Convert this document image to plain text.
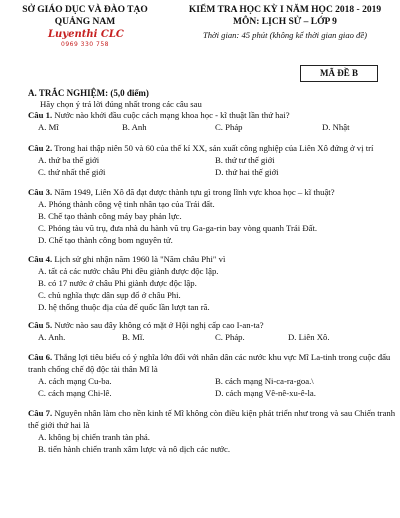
SỞ GIÁO DỤC VÀ ĐÀO TẠO
QUẢNG NAM
Luyenthi CLC
0969 330 758
KIỂM TRA HỌC KỲ I NĂM HỌC 2018 - 2019
MÔN: LỊCH SỬ – LỚP 9
Thời gian: 45 phút (không kể thời gian giao đề)
MÃ ĐỀ B
A. TRẮC NGHIỆM: (5,0 điểm)
Hãy chọn ý trả lời đúng nhất trong các câu sau
Câu 1. Nước nào khởi đầu cuộc cách mạng khoa học - kĩ thuật lần thứ hai?
A. Mĩ	B. Anh	C. Pháp	D. Nhật
Câu 2. Trong hai thập niên 50 và 60 của thế kỉ XX, sản xuất công nghiệp của Liên Xô đứng ở vị trí
A. thứ ba thế giới	B. thứ tư thế giới
C. thứ nhất thế giới	D. thứ hai thế giới
Câu 3. Năm 1949, Liên Xô đã đạt được thành tựu gì trong lĩnh vực khoa học – kĩ thuật?
A. Phóng thành công vệ tinh nhân tạo của Trái đất.
B. Chế tạo thành công máy bay phản lực.
C. Phóng tàu vũ trụ, đưa nhà du hành vũ trụ Ga-ga-rin bay vòng quanh Trái Đất.
D. Chế tạo thành công bom nguyên tử.
Câu 4. Lịch sử ghi nhận năm 1960 là "Năm châu Phi" vì
A. tất cả các nước châu Phi đều giành được độc lập.
B. có 17 nước ở châu Phi giành được độc lập.
C. chủ nghĩa thực dân sụp đổ ở châu Phi.
D. hệ thống thuộc địa của đế quốc lần lượt tan rã.
Câu 5. Nước nào sau đây không có mặt ở Hội nghị cấp cao I-an-ta?
A. Anh.	B. Mĩ.	C. Pháp.	D. Liên Xô.
Câu 6. Thắng lợi tiêu biểu có ý nghĩa lớn đối với nhân dân các nước khu vực Mĩ La-tinh trong cuộc đấu
tranh chống chế độ độc tài thân Mĩ là
A. cách mạng Cu-ba.	B. cách mạng Ni-ca-ra-goa.\
C. cách mạng Chi-lê.	D. cách mạng Vê-nê-xu-ê-la.
Câu 7. Nguyên nhân làm cho nền kinh tế Mĩ không còn điều kiện phát triển như trong và sau Chiến tranh
thế giới thứ hai là
A. không bị chiến tranh tàn phá.
B. tiến hành chiến tranh xâm lược và nô dịch các nước.
